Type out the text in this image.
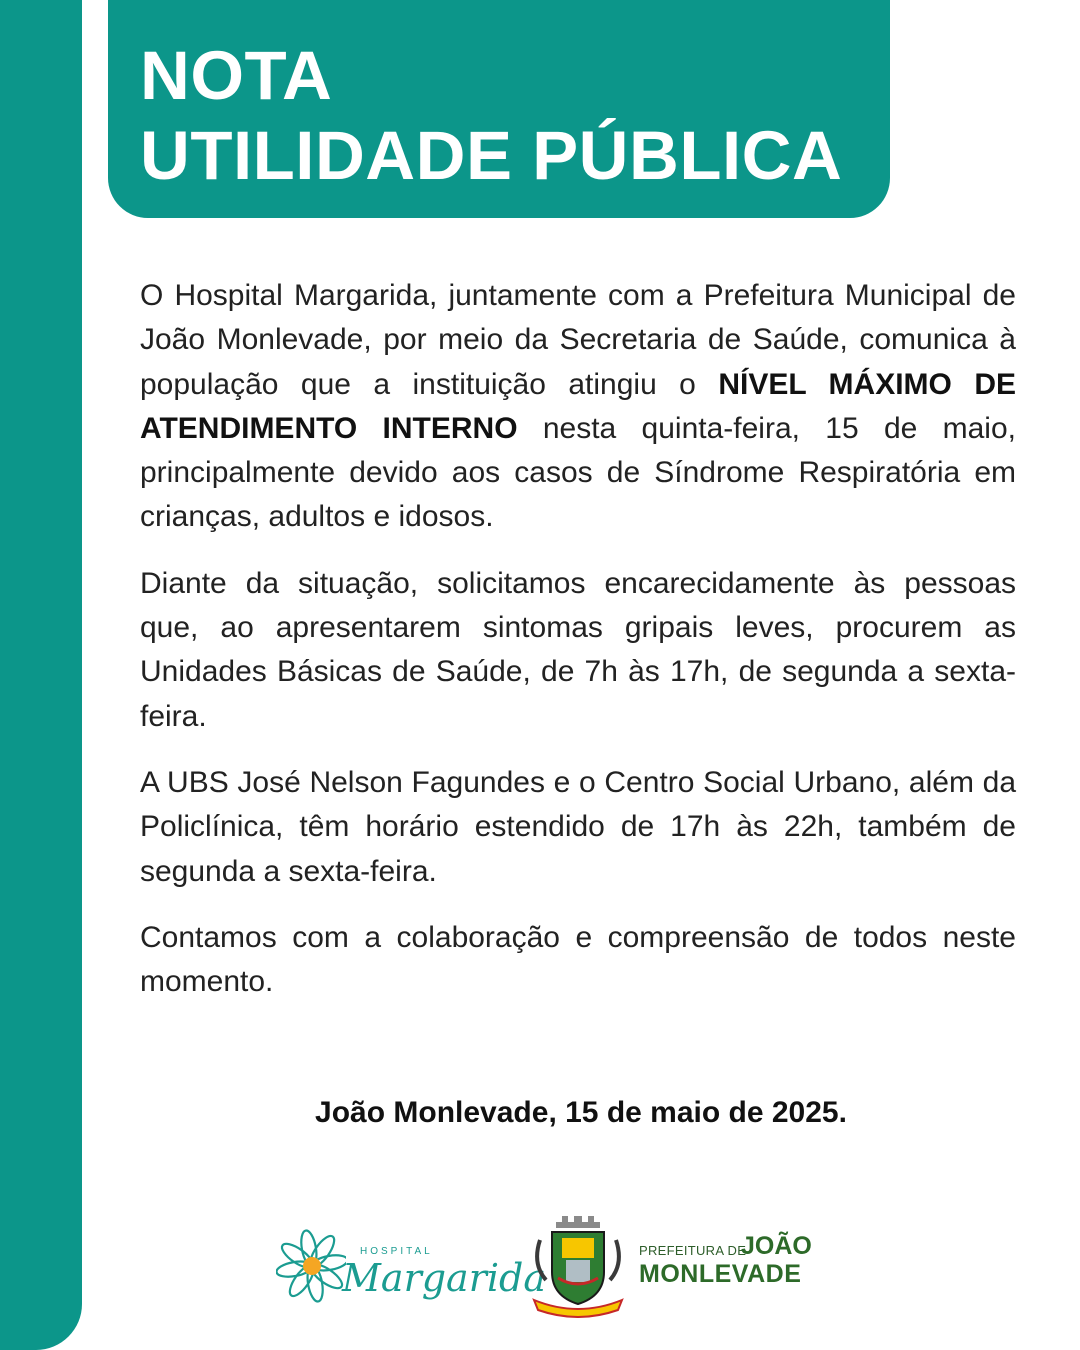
NOTA
UTILIDADE PÚBLICA

O Hospital Margarida, juntamente com a Prefeitura Municipal de João Monlevade, por meio da Secretaria de Saúde, comunica à população que a instituição atingiu o NÍVEL MÁXIMO DE ATENDIMENTO INTERNO nesta quinta-feira, 15 de maio, principalmente devido aos casos de Síndrome Respiratória em crianças, adultos e idosos.

Diante da situação, solicitamos encarecidamente às pessoas que, ao apresentarem sintomas gripais leves, procurem as Unidades Básicas de Saúde, de 7h às 17h, de segunda a sexta-feira.

A UBS José Nelson Fagundes e o Centro Social Urbano, além da Policlínica, têm horário estendido de 17h às 22h, também de segunda a sexta-feira.

Contamos com a colaboração e compreensão de todos neste momento.

João Monlevade, 15 de maio de 2025.
HOSPITAL
Margarida
PREFEITURA DE
JOÃO
MONLEVADE
